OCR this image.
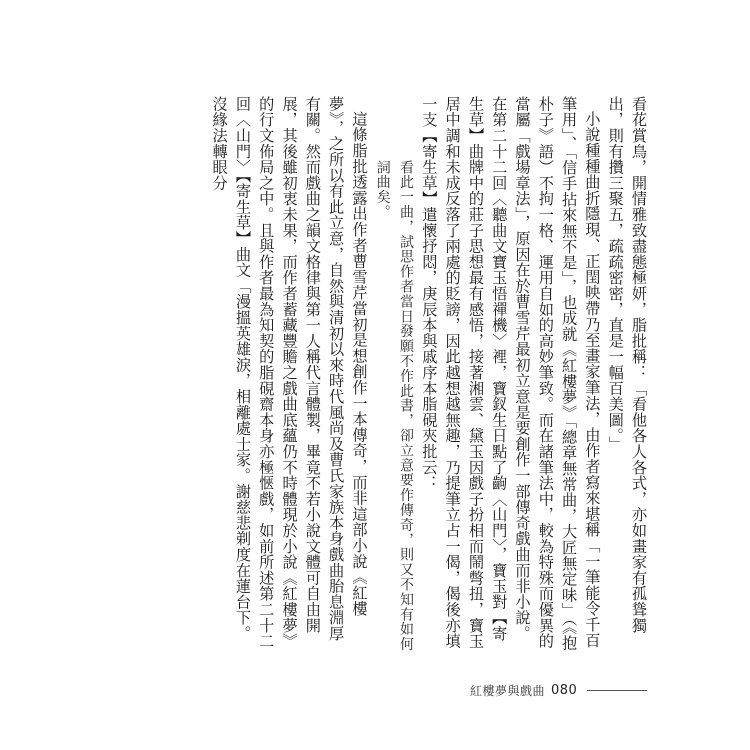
看花賞鳥，開情雅致盡態極妍，脂批稱：「看他各人各式，亦如畫家有孤聳獨出，則有攢三聚五，疏疏密密，直是一幅百美圖。」

小說種種曲折隱現、正閏映帶乃至畫家筆法，由作者寫來堪稱「一筆能令千百筆用」、「信手拈來無不是」，也成就《紅樓夢》「總章無常曲，大匠無定味」（《抱朴子》語）不拘一格、運用自如的高妙筆致。而在諸筆法中，較為特殊而優異的當屬「戲場章法」，原因在於曹雪芹最初立意是要創作一部傳奇戲曲而非小說。在第二十二回〈聽曲文寶玉悟禪機〉裡，寶釵生日點了齣〈山門〉，寶玉對【寄生草】曲牌中的莊子思想最有感悟，接著湘雲、黛玉因戲子扮相而鬧彆扭，寶玉居中調和未成反落了兩處的貶謗，因此越想越無趣，乃提筆立占一偈，偈後亦填一支【寄生草】遣懷抒悶，庚辰本與戚序本脂硯夾批云：

看此一曲，試思作者當日發願不作此書，卻立意要作傳奇，則又不知有如何詞曲矣。

這條脂批透露出作者曹雪芹當初是想創作一本傳奇，而非這部小說《紅樓夢》，之所以有此立意，自然與清初以來時代風尚及曹氏家族本身戲曲胎息淵厚有關。然而戲曲之韻文格律與第一人稱代言體製，畢竟不若小說文體可自由開展，其後雖初衷未果，而作者蓄藏豐贍之戲曲底蘊仍不時體現於小說《紅樓夢》的行文佈局之中。且與作者最為知契的脂硯齋本身亦極愜戲，如前所述第二十二回〈山門〉【寄生草】曲文「漫搵英雄淚，相離處士家。謝慈悲剃度在蓮台下。沒緣法轉眼分

紅樓夢與戲曲 080
